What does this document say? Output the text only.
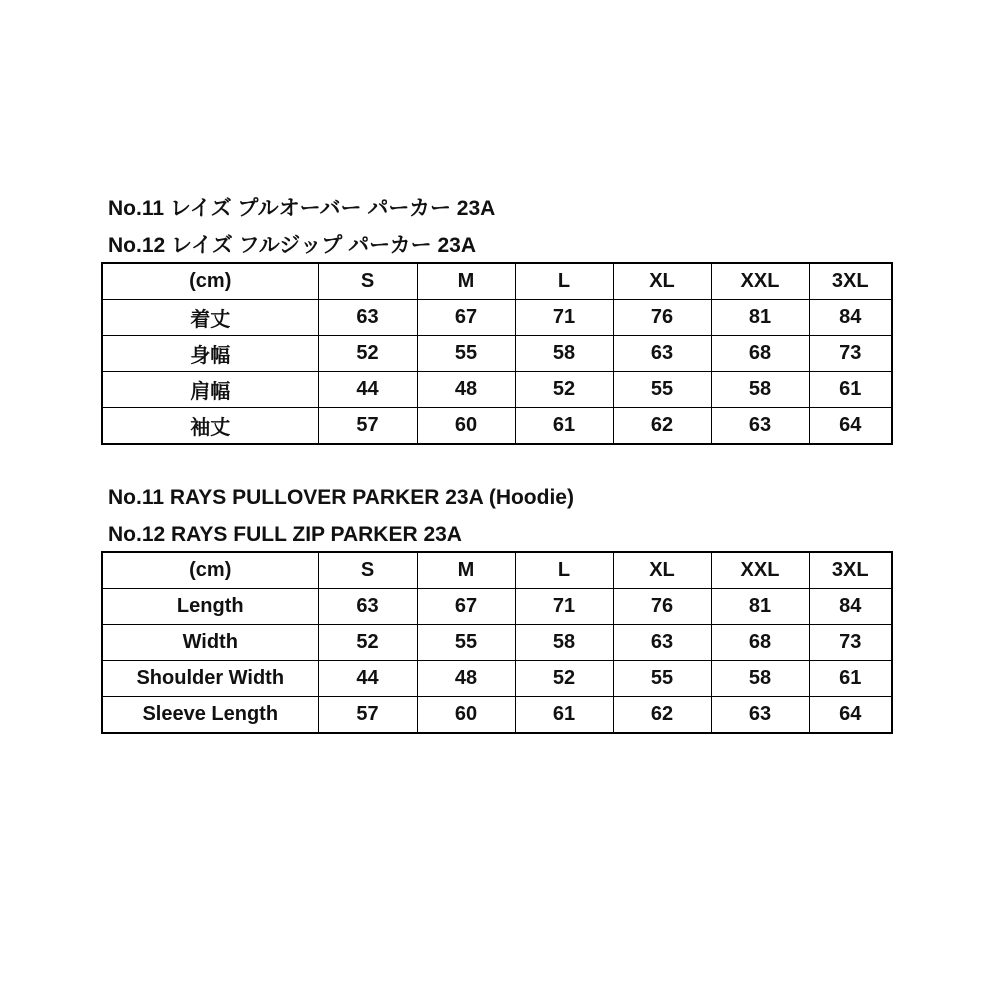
No.11 レイズ プルオーバー パーカー 23A

No.12 レイズ フルジップ パーカー 23A

(cm)	S	M	L	XL	XXL	3XL
着丈	63	67	71	76	81	84
身幅	52	55	58	63	68	73
肩幅	44	48	52	55	58	61
袖丈	57	60	61	62	63	64

No.11 RAYS PULLOVER PARKER 23A (Hoodie)

No.12 RAYS FULL ZIP PARKER 23A

(cm)	S	M	L	XL	XXL	3XL
Length	63	67	71	76	81	84
Width	52	55	58	63	68	73
Shoulder Width	44	48	52	55	58	61
Sleeve Length	57	60	61	62	63	64
